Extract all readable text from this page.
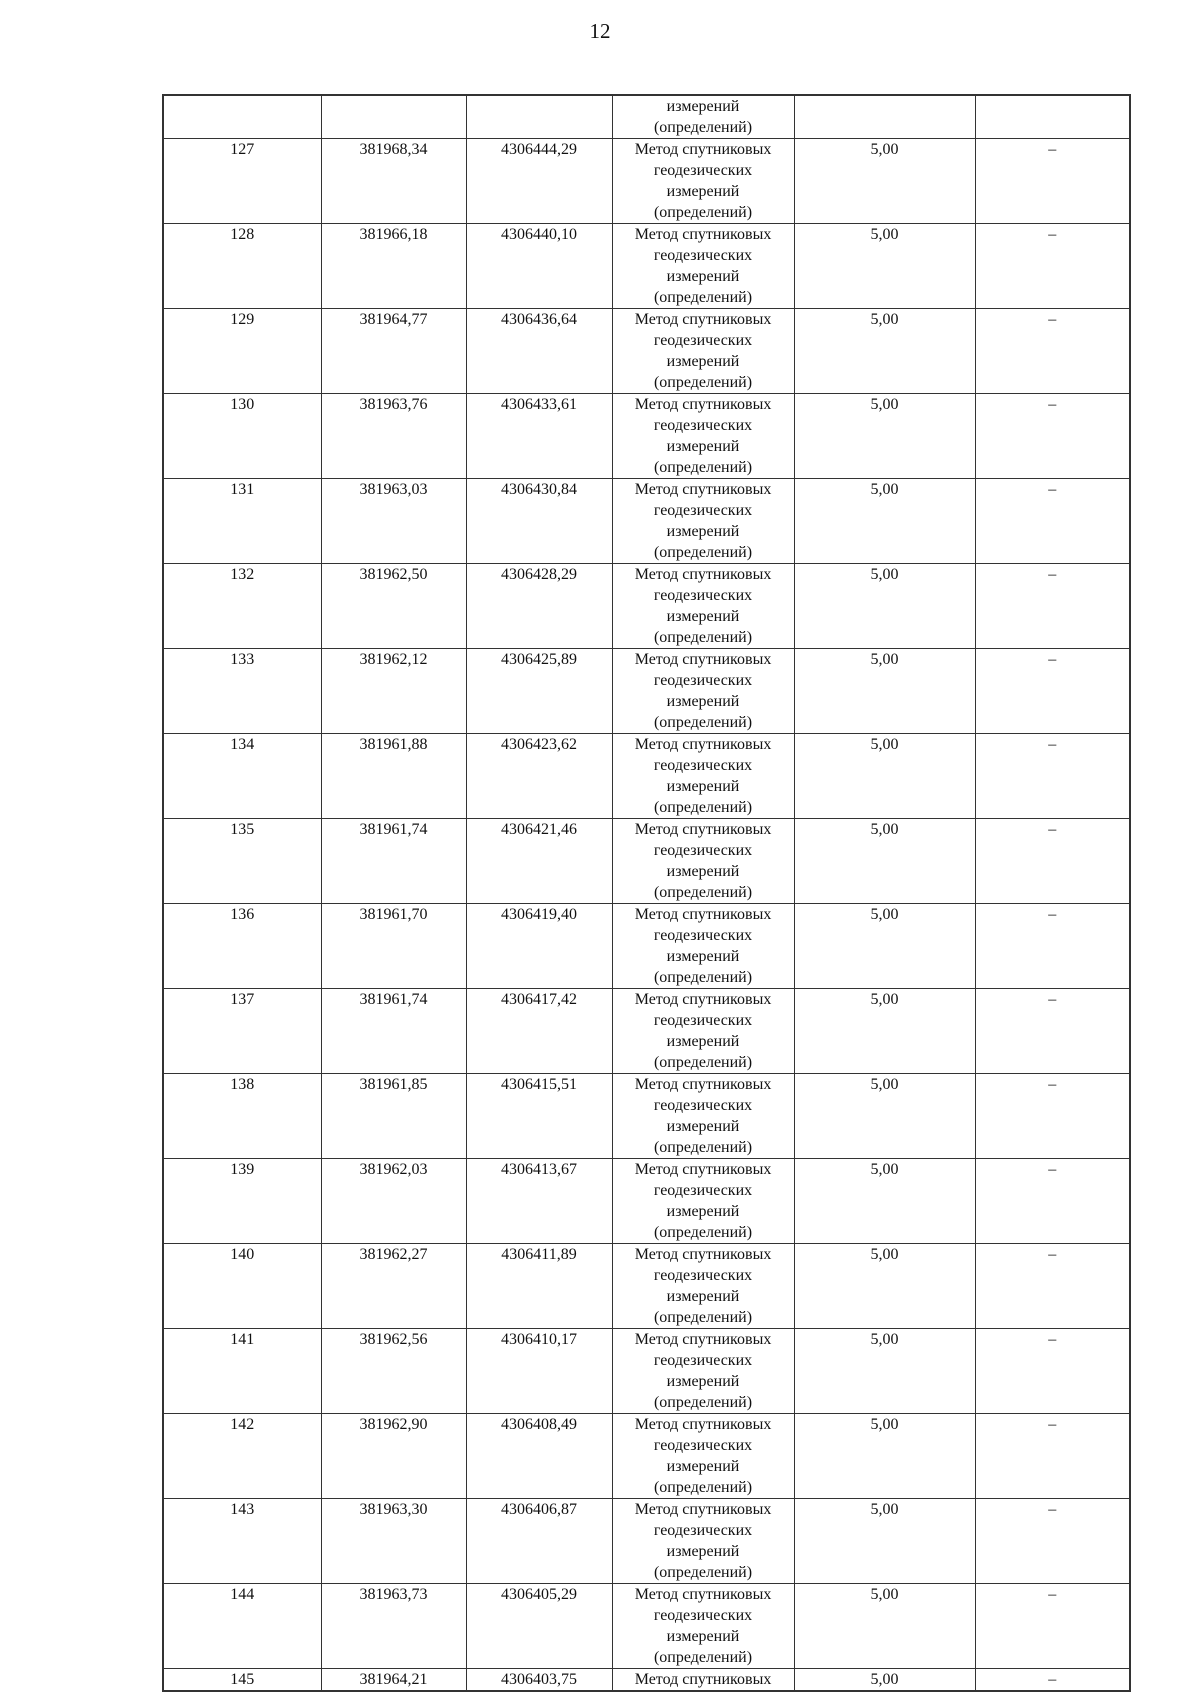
12

			измерений
(определений)		

127	381968,34	4306444,29	Метод спутниковых
геодезических
измерений
(определений)	5,00	–
128	381966,18	4306440,10	Метод спутниковых
геодезических
измерений
(определений)	5,00	–
129	381964,77	4306436,64	Метод спутниковых
геодезических
измерений
(определений)	5,00	–
130	381963,76	4306433,61	Метод спутниковых
геодезических
измерений
(определений)	5,00	–
131	381963,03	4306430,84	Метод спутниковых
геодезических
измерений
(определений)	5,00	–
132	381962,50	4306428,29	Метод спутниковых
геодезических
измерений
(определений)	5,00	–
133	381962,12	4306425,89	Метод спутниковых
геодезических
измерений
(определений)	5,00	–
134	381961,88	4306423,62	Метод спутниковых
геодезических
измерений
(определений)	5,00	–
135	381961,74	4306421,46	Метод спутниковых
геодезических
измерений
(определений)	5,00	–
136	381961,70	4306419,40	Метод спутниковых
геодезических
измерений
(определений)	5,00	–
137	381961,74	4306417,42	Метод спутниковых
геодезических
измерений
(определений)	5,00	–
138	381961,85	4306415,51	Метод спутниковых
геодезических
измерений
(определений)	5,00	–
139	381962,03	4306413,67	Метод спутниковых
геодезических
измерений
(определений)	5,00	–
140	381962,27	4306411,89	Метод спутниковых
геодезических
измерений
(определений)	5,00	–
141	381962,56	4306410,17	Метод спутниковых
геодезических
измерений
(определений)	5,00	–
142	381962,90	4306408,49	Метод спутниковых
геодезических
измерений
(определений)	5,00	–
143	381963,30	4306406,87	Метод спутниковых
геодезических
измерений
(определений)	5,00	–
144	381963,73	4306405,29	Метод спутниковых
геодезических
измерений
(определений)	5,00	–
145	381964,21	4306403,75	Метод спутниковых	5,00	–
